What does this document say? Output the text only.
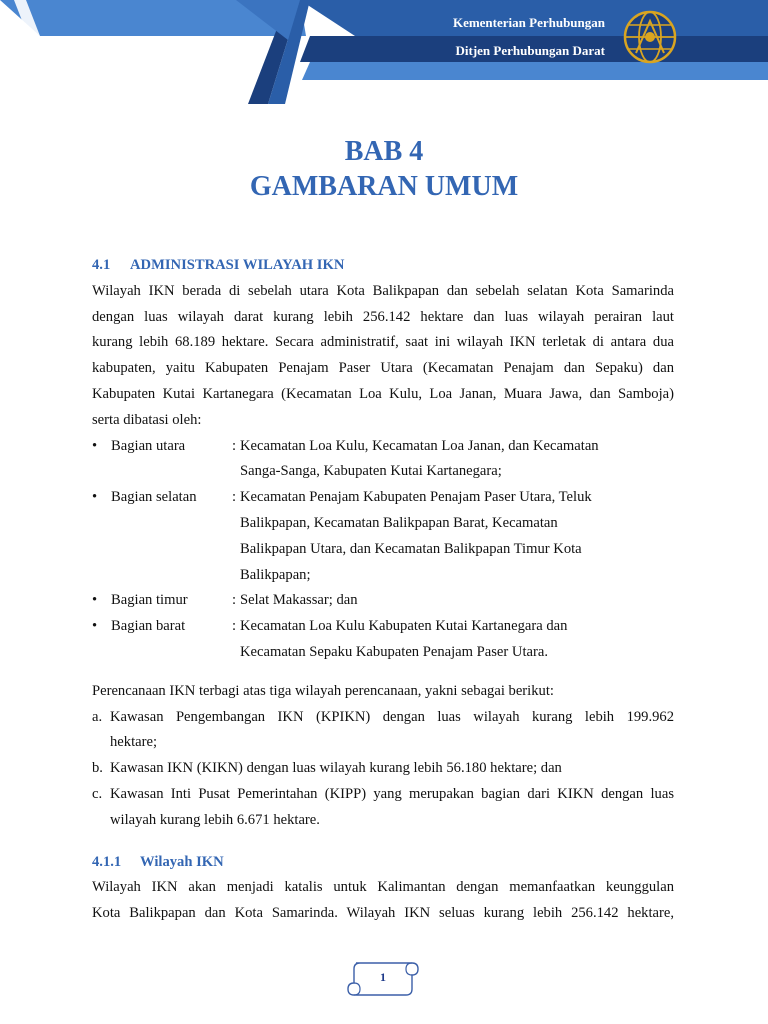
Kementerian Perhubungan
Ditjen Perhubungan Darat
BAB 4
GAMBARAN UMUM
4.1 ADMINISTRASI WILAYAH IKN
Wilayah IKN berada di sebelah utara Kota Balikpapan dan sebelah selatan Kota Samarinda
dengan luas wilayah darat kurang lebih 256.142 hektare dan luas wilayah perairan laut
kurang lebih 68.189 hektare. Secara administratif, saat ini wilayah IKN terletak di antara dua
kabupaten, yaitu Kabupaten Penajam Paser Utara (Kecamatan Penajam dan Sepaku) dan
Kabupaten Kutai Kartanegara (Kecamatan Loa Kulu, Loa Janan, Muara Jawa, dan Samboja)
serta dibatasi oleh:
• Bagian utara	: Kecamatan Loa Kulu, Kecamatan Loa Janan, dan Kecamatan
Sanga-Sanga, Kabupaten Kutai Kartanegara;
• Bagian selatan	: Kecamatan Penajam Kabupaten Penajam Paser Utara, Teluk
Balikpapan, Kecamatan Balikpapan Barat, Kecamatan
Balikpapan Utara, dan Kecamatan Balikpapan Timur Kota
Balikpapan;
• Bagian timur	: Selat Makassar; dan
• Bagian barat	: Kecamatan Loa Kulu Kabupaten Kutai Kartanegara dan
Kecamatan Sepaku Kabupaten Penajam Paser Utara.
Perencanaan IKN terbagi atas tiga wilayah perencanaan, yakni sebagai berikut:
a. Kawasan Pengembangan IKN (KPIKN) dengan luas wilayah kurang lebih 199.962
hektare;
b. Kawasan IKN (KIKN) dengan luas wilayah kurang lebih 56.180 hektare; dan
c. Kawasan Inti Pusat Pemerintahan (KIPP) yang merupakan bagian dari KIKN dengan luas
wilayah kurang lebih 6.671 hektare.
4.1.1 Wilayah IKN
Wilayah IKN akan menjadi katalis untuk Kalimantan dengan memanfaatkan keunggulan
Kota Balikpapan dan Kota Samarinda. Wilayah IKN seluas kurang lebih 256.142 hektare,
1
